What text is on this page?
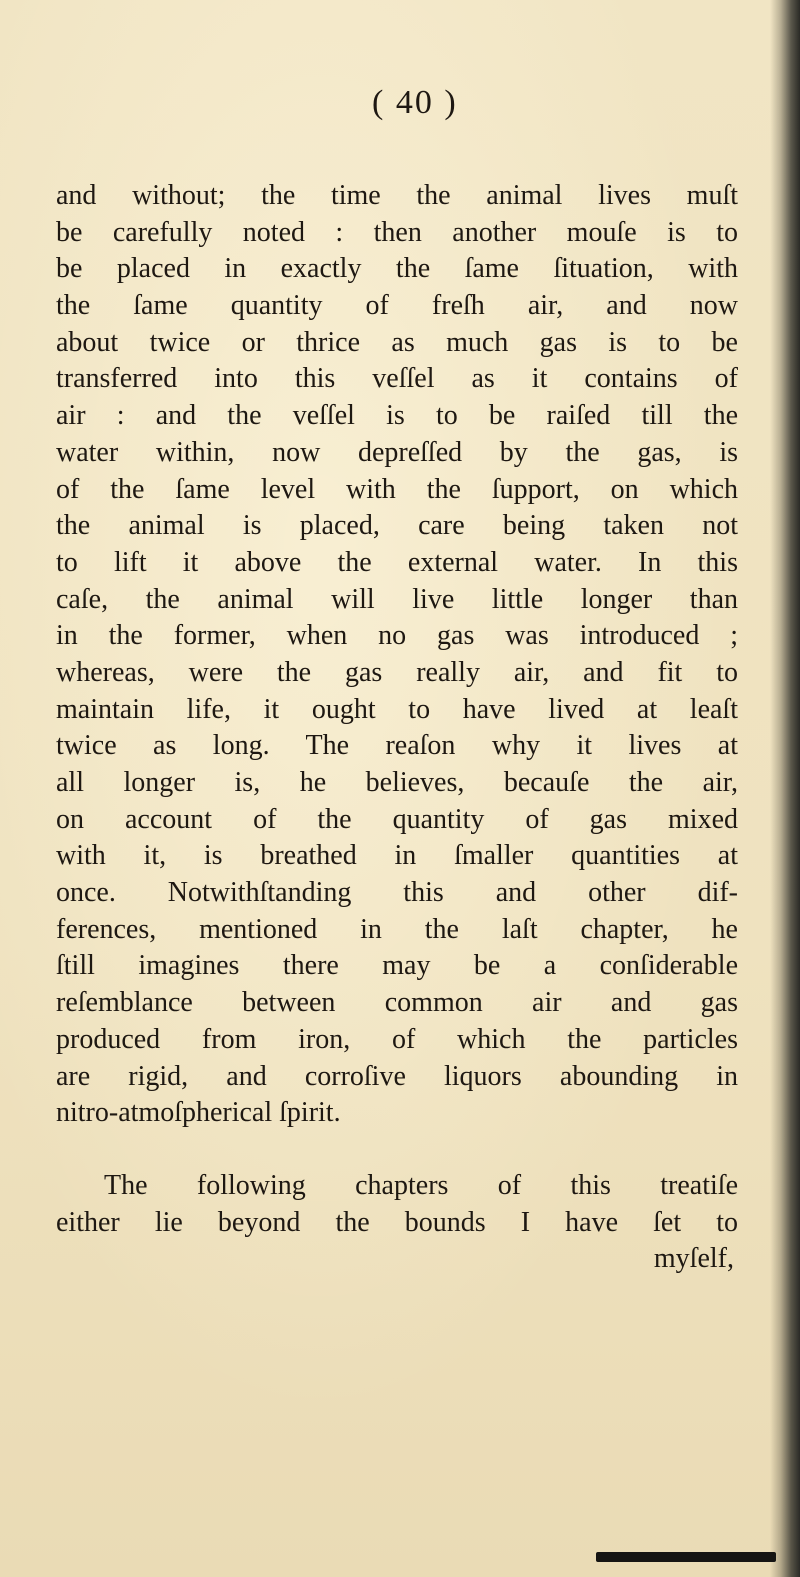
( 40 )
and without; the time the animal lives muſt
be carefully noted : then another mouſe is to
be placed in exactly the ſame ſituation, with
the ſame quantity of freſh air, and now
about twice or thrice as much gas is to be
transferred into this veſſel as it contains of
air : and the veſſel is to be raiſed till the
water within, now depreſſed by the gas, is
of the ſame level with the ſupport, on which
the animal is placed, care being taken not
to lift it above the external water. In this
caſe, the animal will live little longer than
in the former, when no gas was introduced ;
whereas, were the gas really air, and fit to
maintain life, it ought to have lived at leaſt
twice as long. The reaſon why it lives at
all longer is, he believes, becauſe the air,
on account of the quantity of gas mixed
with it, is breathed in ſmaller quantities at
once. Notwithſtanding this and other dif-
ferences, mentioned in the laſt chapter, he
ſtill imagines there may be a conſiderable
reſemblance between common air and gas
produced from iron, of which the particles
are rigid, and corroſive liquors abounding in
nitro-atmoſpherical ſpirit.
The following chapters of this treatiſe
either lie beyond the bounds I have ſet to
myſelf,
